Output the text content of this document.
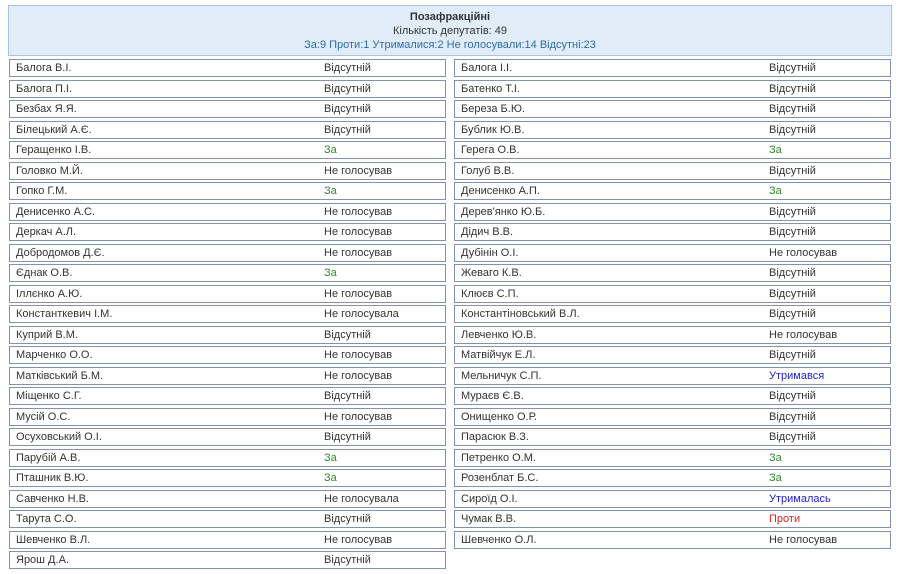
Позафракційні
Кількість депутатів: 49
За:9 Проти:1 Утрималися:2 Не голосували:14 Відсутні:23
Балога В.І.	Відсутній
Балога П.І.	Відсутній
Безбах Я.Я.	Відсутній
Білецький А.Є.	Відсутній
Геращенко І.В.	За
Головко М.Й.	Не голосував
Гопко Г.М.	За
Денисенко А.С.	Не голосував
Деркач А.Л.	Не голосував
Добродомов Д.Є.	Не голосував
Єднак О.В.	За
Іллєнко А.Ю.	Не голосував
Константкевич І.М.	Не голосувала
Куприй В.М.	Відсутній
Марченко О.О.	Не голосував
Матківський Б.М.	Не голосував
Міщенко С.Г.	Відсутній
Мусій О.С.	Не голосував
Осуховський О.І.	Відсутній
Парубій А.В.	За
Пташник В.Ю.	За
Савченко Н.В.	Не голосувала
Тарута С.О.	Відсутній
Шевченко В.Л.	Не голосував
Ярош Д.А.	Відсутній
Балога І.І.	Відсутній
Батенко Т.І.	Відсутній
Береза Б.Ю.	Відсутній
Бублик Ю.В.	Відсутній
Герега О.В.	За
Голуб В.В.	Відсутній
Денисенко А.П.	За
Дерев'янко Ю.Б.	Відсутній
Дідич В.В.	Відсутній
Дубінін О.І.	Не голосував
Жеваго К.В.	Відсутній
Клюєв С.П.	Відсутній
Константіновський В.Л.	Відсутній
Левченко Ю.В.	Не голосував
Матвійчук Е.Л.	Відсутній
Мельничук С.П.	Утримався
Мураєв Є.В.	Відсутній
Онищенко О.Р.	Відсутній
Парасюк В.З.	Відсутній
Петренко О.М.	За
Розенблат Б.С.	За
Сироїд О.І.	Утрималась
Чумак В.В.	Проти
Шевченко О.Л.	Не голосував
